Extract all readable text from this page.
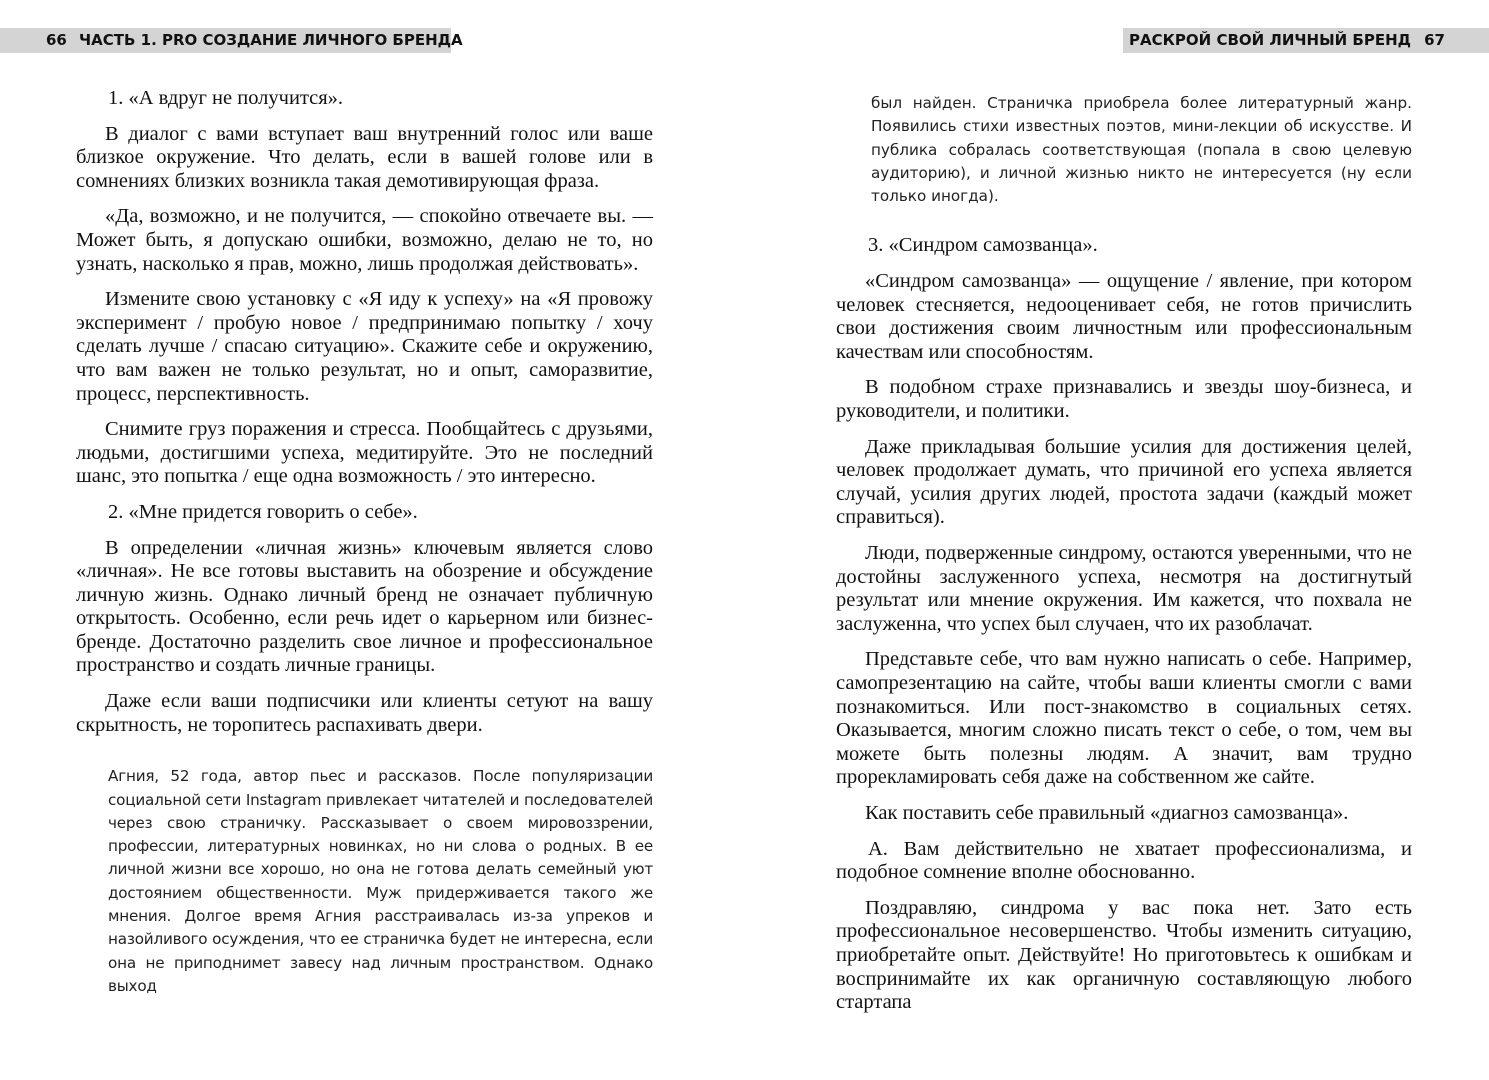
66 ЧАСТЬ 1. PRO СОЗДАНИЕ ЛИЧНОГО БРЕНДА

1. «А вдруг не получится».

В диалог с вами вступает ваш внутренний голос или ваше близкое окружение. Что делать, если в вашей голове или в сомнениях близких возникла такая демотивирующая фраза.

«Да, возможно, и не получится, — спокойно отвечаете вы. — Может быть, я допускаю ошибки, возможно, делаю не то, но узнать, насколько я прав, можно, лишь продолжая действовать».

Измените свою установку с «Я иду к успеху» на «Я провожу эксперимент / пробую новое / предпринимаю попытку / хочу сделать лучше / спасаю ситуацию». Скажите себе и окружению, что вам важен не только результат, но и опыт, саморазвитие, процесс, перспективность.

Снимите груз поражения и стресса. Пообщайтесь с друзьями, людьми, достигшими успеха, медитируйте. Это не последний шанс, это попытка / еще одна возможность / это интересно.

2. «Мне придется говорить о себе».

В определении «личная жизнь» ключевым является слово «личная». Не все готовы выставить на обозрение и обсуждение личную жизнь. Однако личный бренд не означает публичную открытость. Особенно, если речь идет о карьерном или бизнес-бренде. Достаточно разделить свое личное и профессиональное пространство и создать личные границы.

Даже если ваши подписчики или клиенты сетуют на вашу скрытность, не торопитесь распахивать двери.

Агния, 52 года, автор пьес и рассказов. После популяризации социальной сети Instagram привлекает читателей и последователей через свою страничку. Рассказывает о своем мировоззрении, профессии, литературных новинках, но ни слова о родных. В ее личной жизни все хорошо, но она не готова делать семейный уют достоянием общественности. Муж придерживается такого же мнения. Долгое время Агния расстраивалась из-за упреков и назойливого осуждения, что ее страничка будет не интересна, если она не приподнимет завесу над личным пространством. Однако выход

РАСКРОЙ СВОЙ ЛИЧНЫЙ БРЕНД 67

был найден. Страничка приобрела более литературный жанр. Появились стихи известных поэтов, мини-лекции об искусстве. И публика собралась соответствующая (попала в свою целевую аудиторию), и личной жизнью никто не интересуется (ну если только иногда).

3. «Синдром самозванца».

«Синдром самозванца» — ощущение / явление, при котором человек стесняется, недооценивает себя, не готов причислить свои достижения своим личностным или профессиональным качествам или способностям.

В подобном страхе признавались и звезды шоу-бизнеса, и руководители, и политики.

Даже прикладывая большие усилия для достижения целей, человек продолжает думать, что причиной его успеха является случай, усилия других людей, простота задачи (каждый может справиться).

Люди, подверженные синдрому, остаются уверенными, что не достойны заслуженного успеха, несмотря на достигнутый результат или мнение окружения. Им кажется, что похвала не заслуженна, что успех был случаен, что их разоблачат.

Представьте себе, что вам нужно написать о себе. Например, самопрезентацию на сайте, чтобы ваши клиенты смогли с вами познакомиться. Или пост-знакомство в социальных сетях. Оказывается, многим сложно писать текст о себе, о том, чем вы можете быть полезны людям. А значит, вам трудно прорекламировать себя даже на собственном же сайте.

Как поставить себе правильный «диагноз самозванца».

А. Вам действительно не хватает профессионализма, и подобное сомнение вполне обоснованно.

Поздравляю, синдрома у вас пока нет. Зато есть профессиональное несовершенство. Чтобы изменить ситуацию, приобретайте опыт. Действуйте! Но приготовьтесь к ошибкам и воспринимайте их как органичную составляющую любого стартапа
